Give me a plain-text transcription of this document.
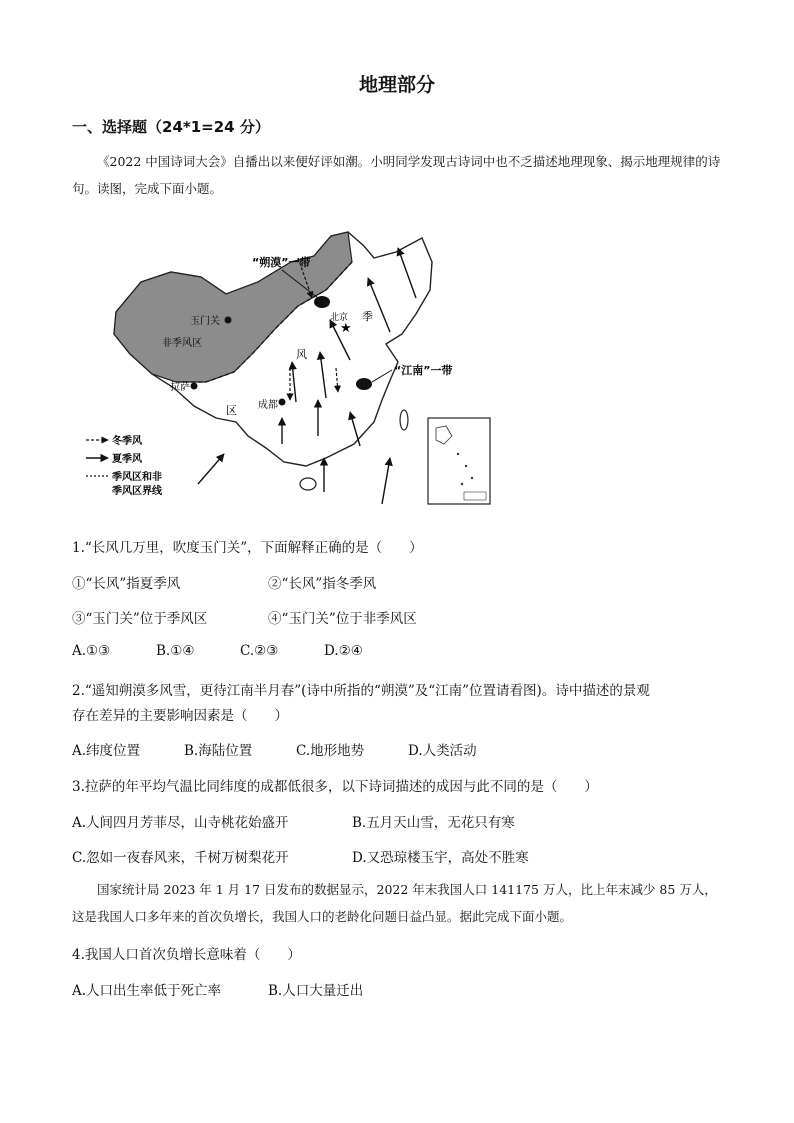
地理部分
一、选择题（24*1=24 分）
《2022 中国诗词大会》自播出以来便好评如潮。小明同学发现古诗词中也不乏描述地理现象、揭示地理规律的诗句。读图，完成下面小题。
★
“朔漠”一带
玉门关
非季风区
拉萨
北京
成都
“江南”一带
季
风
区
冬季风
夏季风
季风区和非
季风区界线
1.“长风几万里，吹度玉门关”，下面解释正确的是（　　）
①“长风”指夏季风	②“长风”指冬季风
③“玉门关”位于季风区	④“玉门关”位于非季风区
A.①③	B.①④	C.②③	D.②④
2.“遥知朔漠多风雪，更待江南半月春”(诗中所指的“朔漠”及“江南”位置请看图)。诗中描述的景观
存在差异的主要影响因素是（　　）
A.纬度位置	B.海陆位置	C.地形地势	D.人类活动
3.拉萨的年平均气温比同纬度的成都低很多，以下诗词描述的成因与此不同的是（　　）
A.人间四月芳菲尽，山寺桃花始盛开	B.五月天山雪，无花只有寒
C.忽如一夜春风来，千树万树梨花开	D.又恐琼楼玉宇，高处不胜寒
国家统计局 2023 年 1 月 17 日发布的数据显示，2022 年末我国人口 141175 万人，比上年末减少 85 万人，这是我国人口多年来的首次负增长，我国人口的老龄化问题日益凸显。据此完成下面小题。
4.我国人口首次负增长意味着（　　）
A.人口出生率低于死亡率	B.人口大量迁出
